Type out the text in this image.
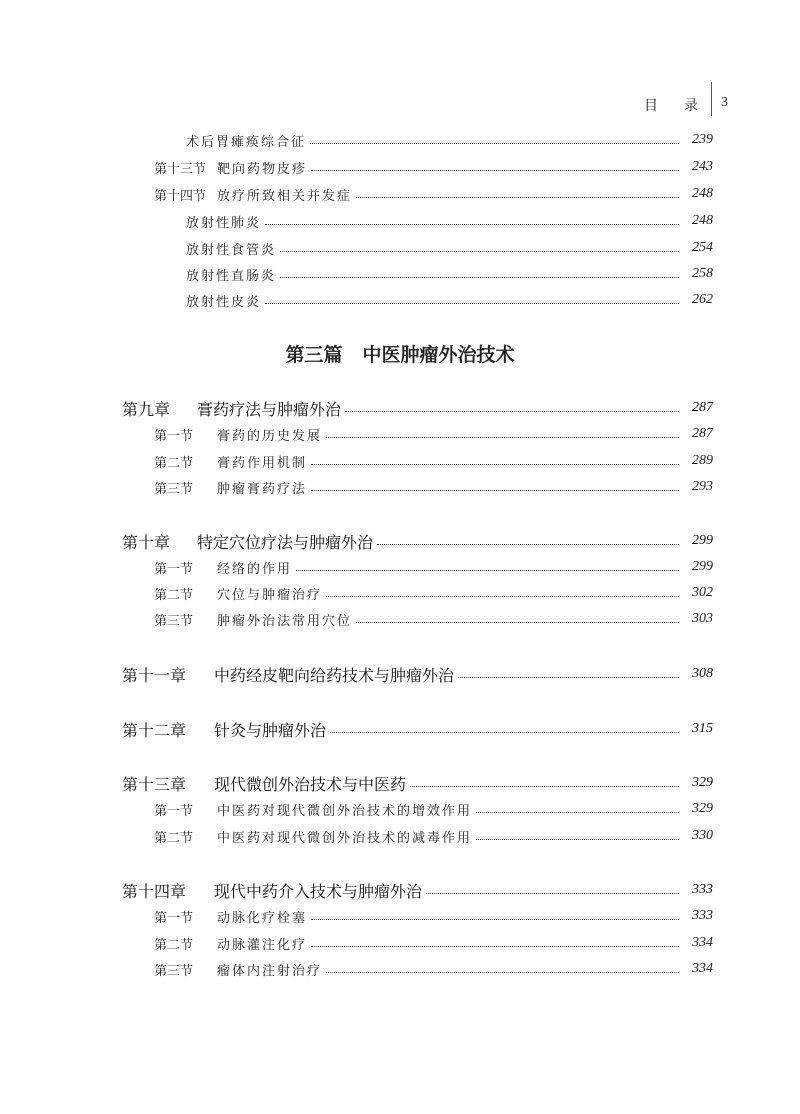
目 录 3
第三篇 中医肿瘤外治技术
术后胃瘫痪综合征	239
第十三节 靶向药物皮疹	243
第十四节 放疗所致相关并发症	248
放射性肺炎	248
放射性食管炎	254
放射性直肠炎	258
放射性皮炎	262
第九章	膏药疗法与肿瘤外治	287
第一节	膏药的历史发展	287
第二节	膏药作用机制	289
第三节	肿瘤膏药疗法	293
第十章	特定穴位疗法与肿瘤外治	299
第一节	经络的作用	299
第二节	穴位与肿瘤治疗	302
第三节	肿瘤外治法常用穴位	303
第十一章	中药经皮靶向给药技术与肿瘤外治	308
第十二章	针灸与肿瘤外治	315
第十三章	现代微创外治技术与中医药	329
第一节	中医药对现代微创外治技术的增效作用	329
第二节	中医药对现代微创外治技术的减毒作用	330
第十四章	现代中药介入技术与肿瘤外治	333
第一节	动脉化疗栓塞	333
第二节	动脉灌注化疗	334
第三节	瘤体内注射治疗	334
